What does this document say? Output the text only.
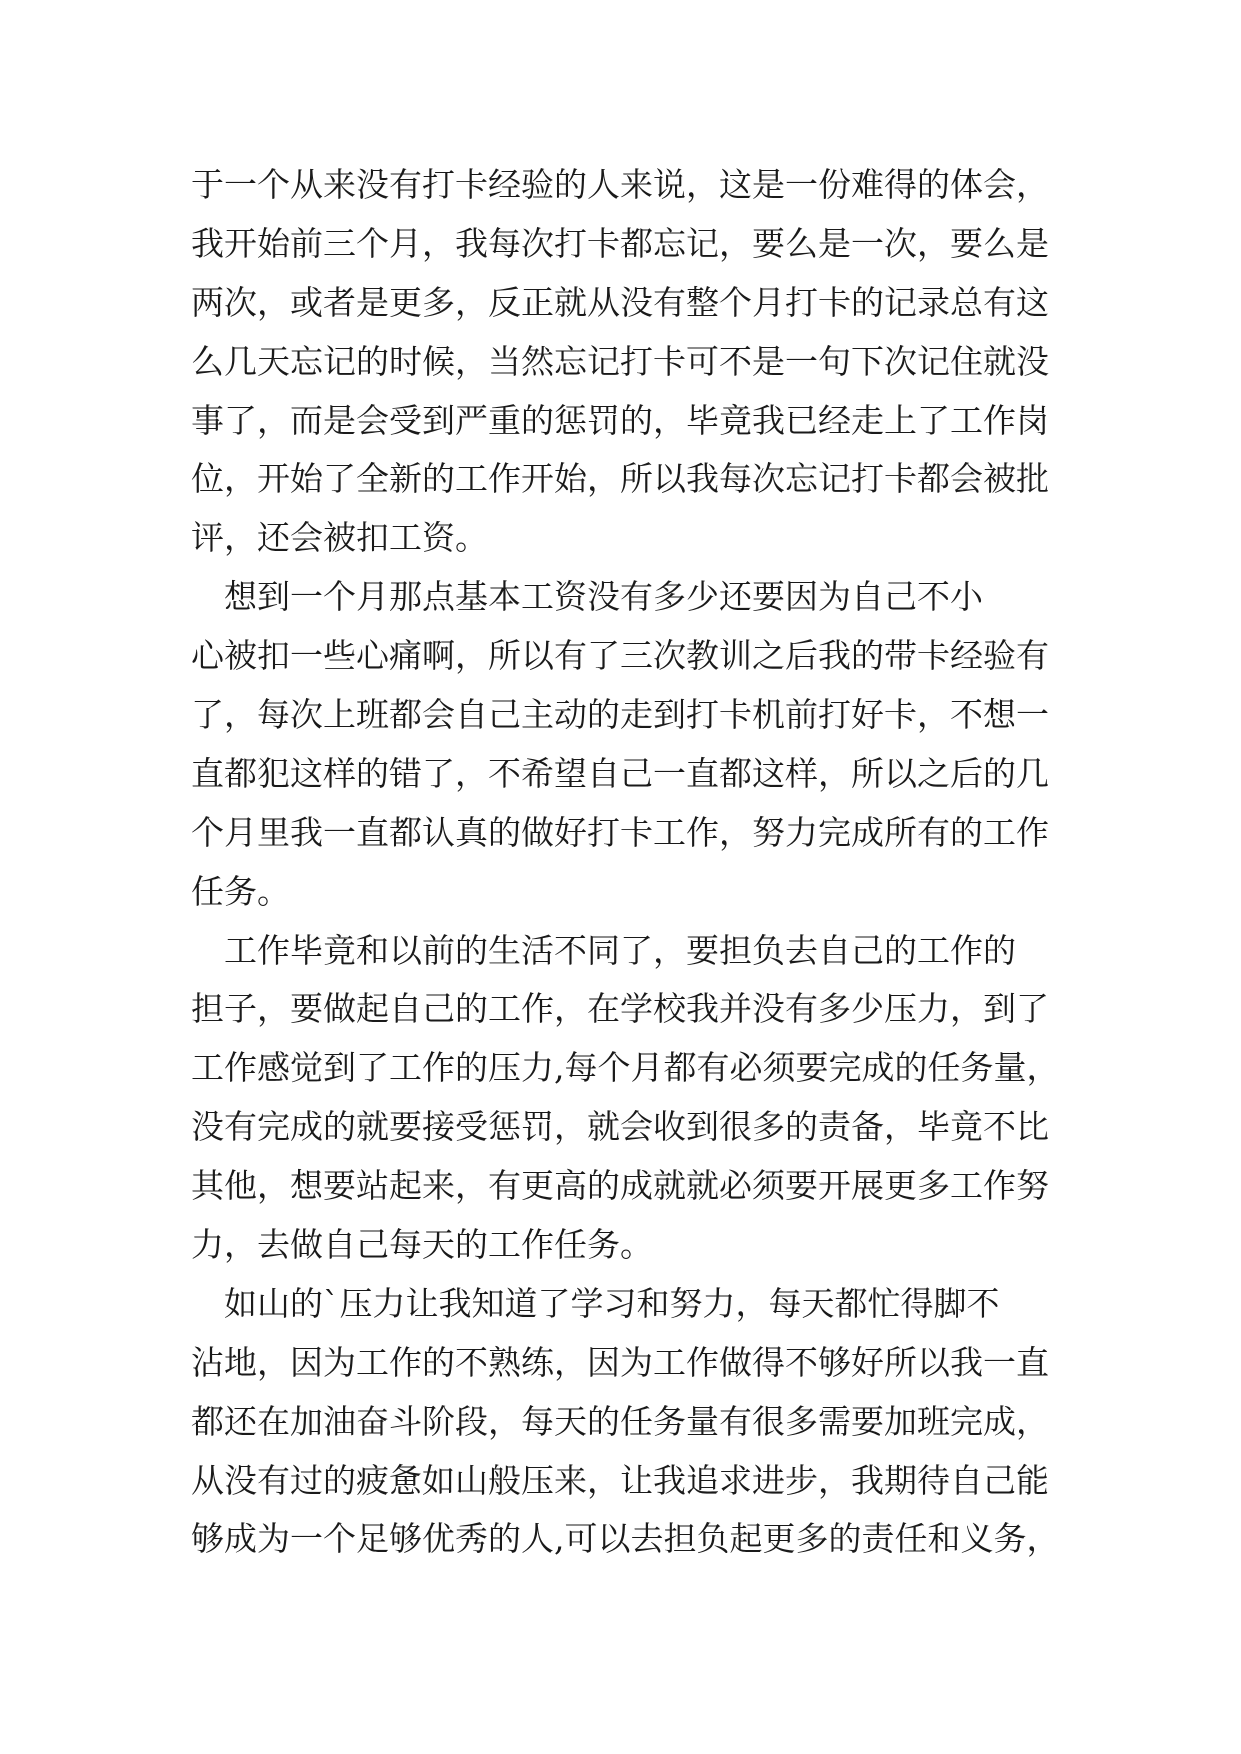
于一个从来没有打卡经验的人来说，这是一份难得的体会，
我开始前三个月，我每次打卡都忘记，要么是一次，要么是
两次，或者是更多，反正就从没有整个月打卡的记录总有这
么几天忘记的时候，当然忘记打卡可不是一句下次记住就没
事了，而是会受到严重的惩罚的，毕竟我已经走上了工作岗
位，开始了全新的工作开始，所以我每次忘记打卡都会被批
评，还会被扣工资。
　想到一个月那点基本工资没有多少还要因为自己不小
心被扣一些心痛啊，所以有了三次教训之后我的带卡经验有
了，每次上班都会自己主动的走到打卡机前打好卡，不想一
直都犯这样的错了，不希望自己一直都这样，所以之后的几
个月里我一直都认真的做好打卡工作，努力完成所有的工作
任务。
　工作毕竟和以前的生活不同了，要担负去自己的工作的
担子，要做起自己的工作，在学校我并没有多少压力，到了
工作感觉到了工作的压力,每个月都有必须要完成的任务量，
没有完成的就要接受惩罚，就会收到很多的责备，毕竟不比
其他，想要站起来，有更高的成就就必须要开展更多工作努
力，去做自己每天的工作任务。
　如山的`压力让我知道了学习和努力，每天都忙得脚不
沾地，因为工作的不熟练，因为工作做得不够好所以我一直
都还在加油奋斗阶段，每天的任务量有很多需要加班完成，
从没有过的疲惫如山般压来，让我追求进步，我期待自己能
够成为一个足够优秀的人,可以去担负起更多的责任和义务，
